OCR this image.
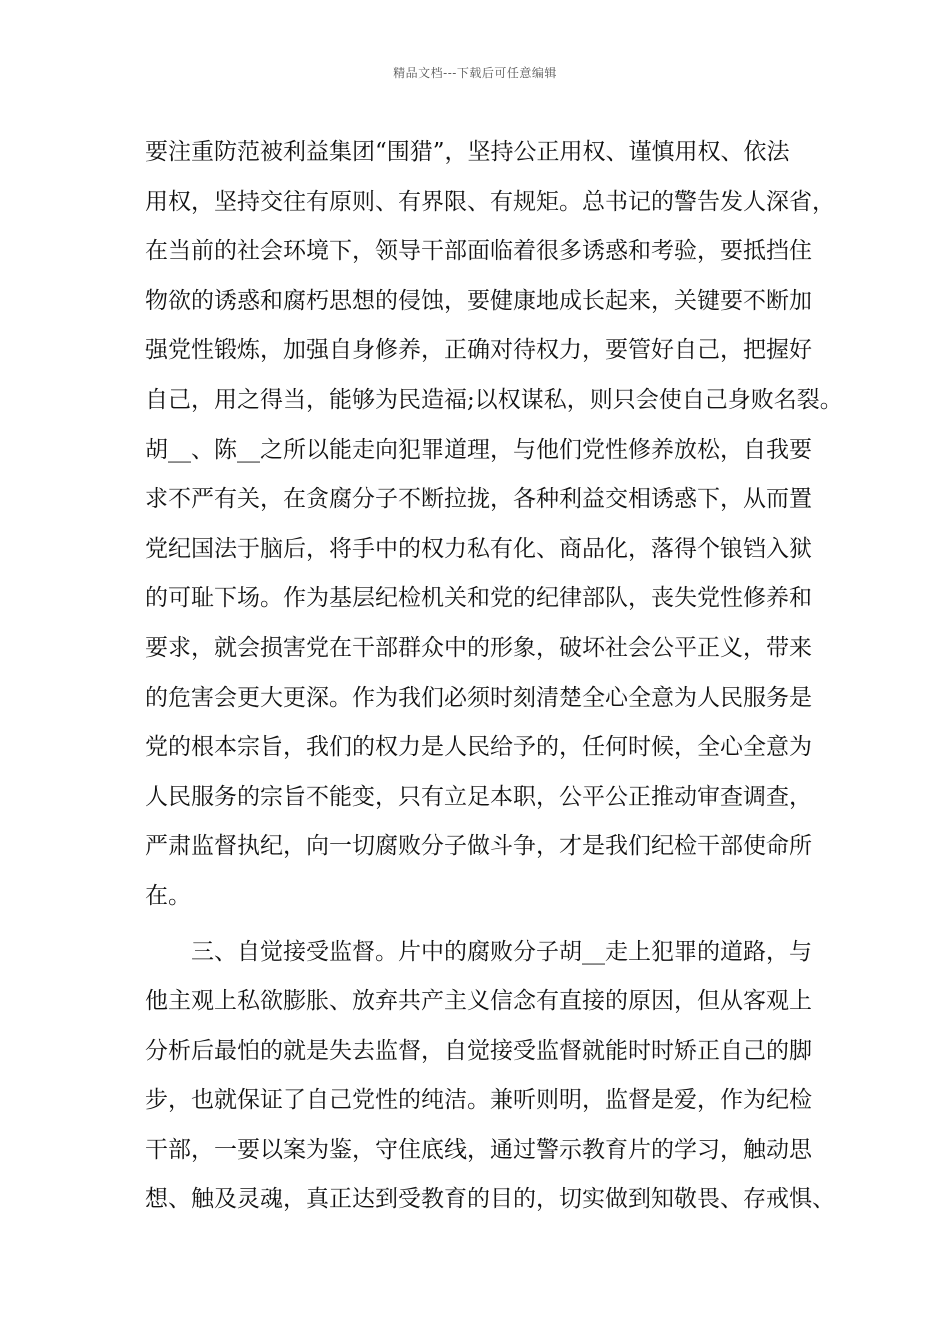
精品文档---下载后可任意编辑
要注重防范被利益集团“围猎”，坚持公正用权、谨慎用权、依法
用权，坚持交往有原则、有界限、有规矩。总书记的警告发人深省，
在当前的社会环境下，领导干部面临着很多诱惑和考验，要抵挡住
物欲的诱惑和腐朽思想的侵蚀，要健康地成长起来，关键要不断加
强党性锻炼，加强自身修养，正确对待权力，要管好自己，把握好
自己，用之得当，能够为民造福;以权谋私，则只会使自己身败名裂。
胡__、陈__之所以能走向犯罪道理，与他们党性修养放松，自我要
求不严有关，在贪腐分子不断拉拢，各种利益交相诱惑下，从而置
党纪国法于脑后，将手中的权力私有化、商品化，落得个锒铛入狱
的可耻下场。作为基层纪检机关和党的纪律部队，丧失党性修养和
要求，就会损害党在干部群众中的形象，破坏社会公平正义，带来
的危害会更大更深。作为我们必须时刻清楚全心全意为人民服务是
党的根本宗旨，我们的权力是人民给予的，任何时候，全心全意为
人民服务的宗旨不能变，只有立足本职，公平公正推动审查调查，
严肃监督执纪，向一切腐败分子做斗争，才是我们纪检干部使命所
在。
三、自觉接受监督。片中的腐败分子胡__走上犯罪的道路，与
他主观上私欲膨胀、放弃共产主义信念有直接的原因，但从客观上
分析后最怕的就是失去监督，自觉接受监督就能时时矫正自己的脚
步，也就保证了自己党性的纯洁。兼听则明，监督是爱，作为纪检
干部，一要以案为鉴，守住底线，通过警示教育片的学习，触动思
想、触及灵魂，真正达到受教育的目的，切实做到知敬畏、存戒惧、
